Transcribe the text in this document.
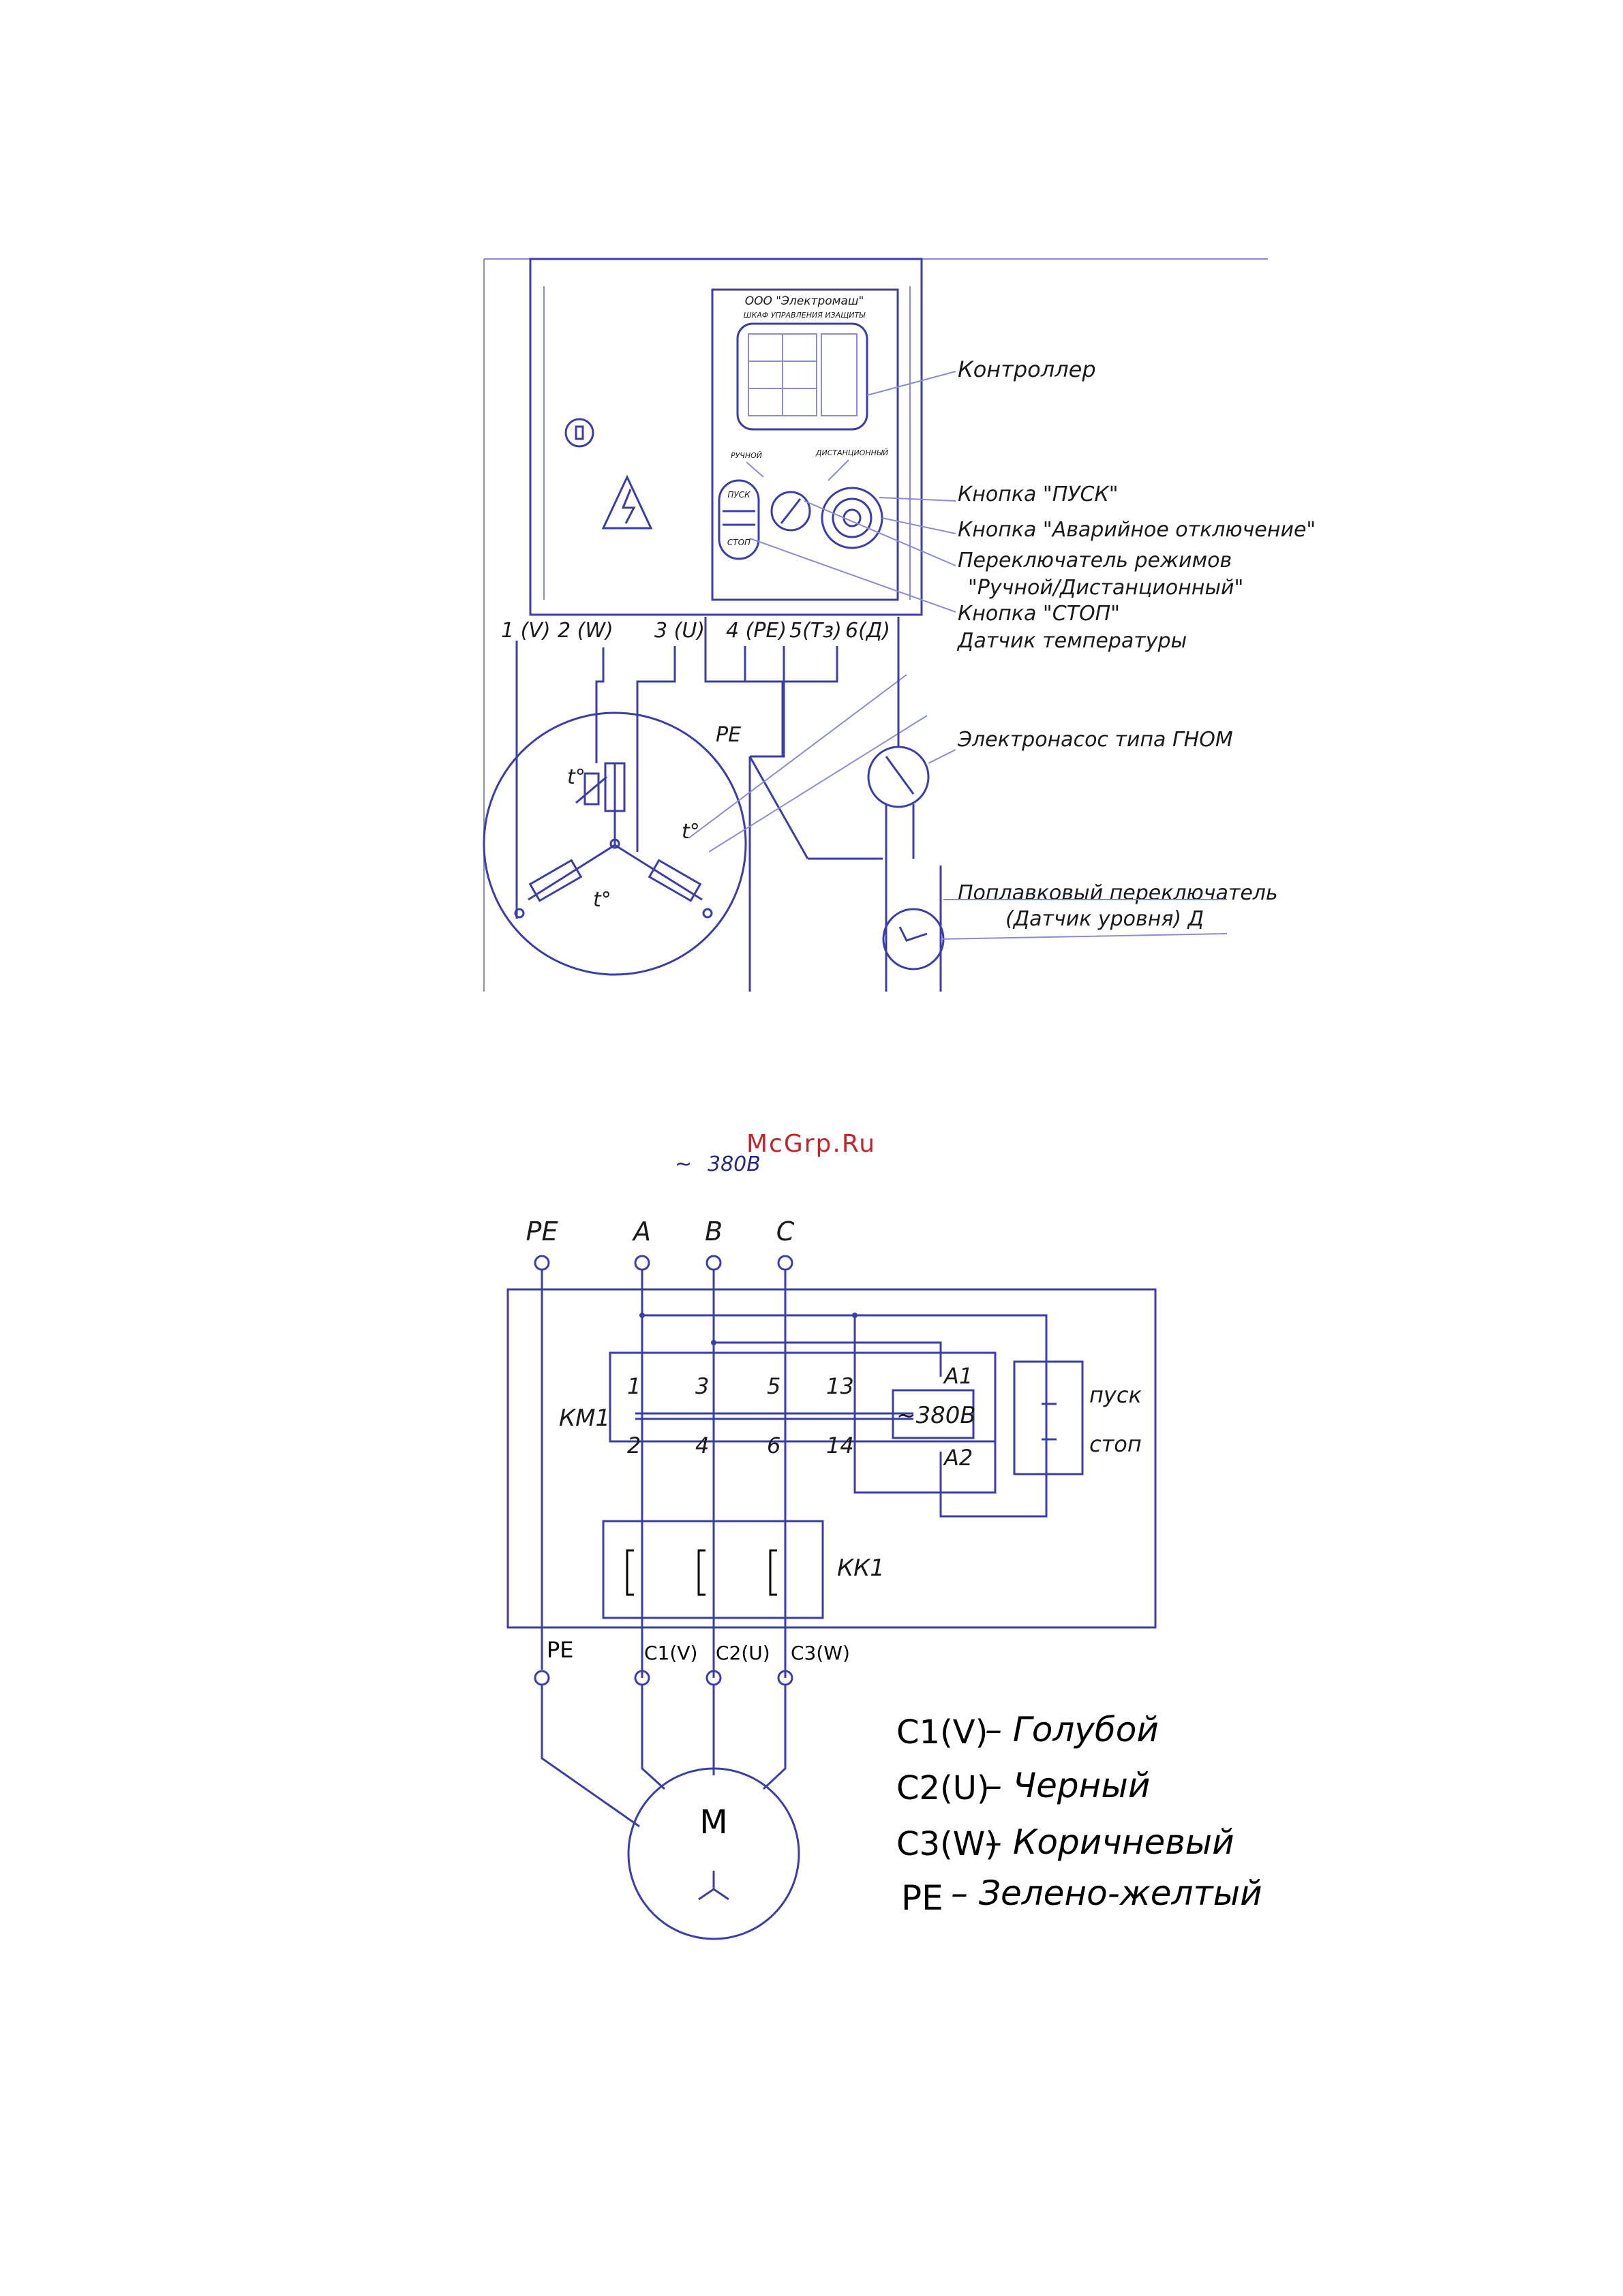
ООО "Электромаш"
ШКАФ УПРАВЛЕНИЯ ИЗАЩИТЫ
РУЧНОЙ	ДИСТАНЦИОННЫЙ
ПУСК
СТОП
Контроллер
Кнопка "ПУСК"
Кнопка "Аварийное отключение"
Переключатель режимов
"Ручной/Дистанционный"
Кнопка "СТОП"
Датчик температуры
Электронасос типа ГНОМ
Поплавковый переключатель
(Датчик уровня) Д
1 (V) 2 (W) 3 (U) 4 (PE) 5(Тз) 6(Д)
PE
t°
t°
t°
McGrp.Ru
~ 380В
PE	A B C
КМ1
1 3	5 13
2 4	6 14
~380В
A1
A2
пуск
стоп
КК1
PE	C1(V) C2(U) C3(W)
M
C1(V)
– Голубой
C2(U)
– Черный
C3(W)
– Коричневый
PE – Зелено-желтый
